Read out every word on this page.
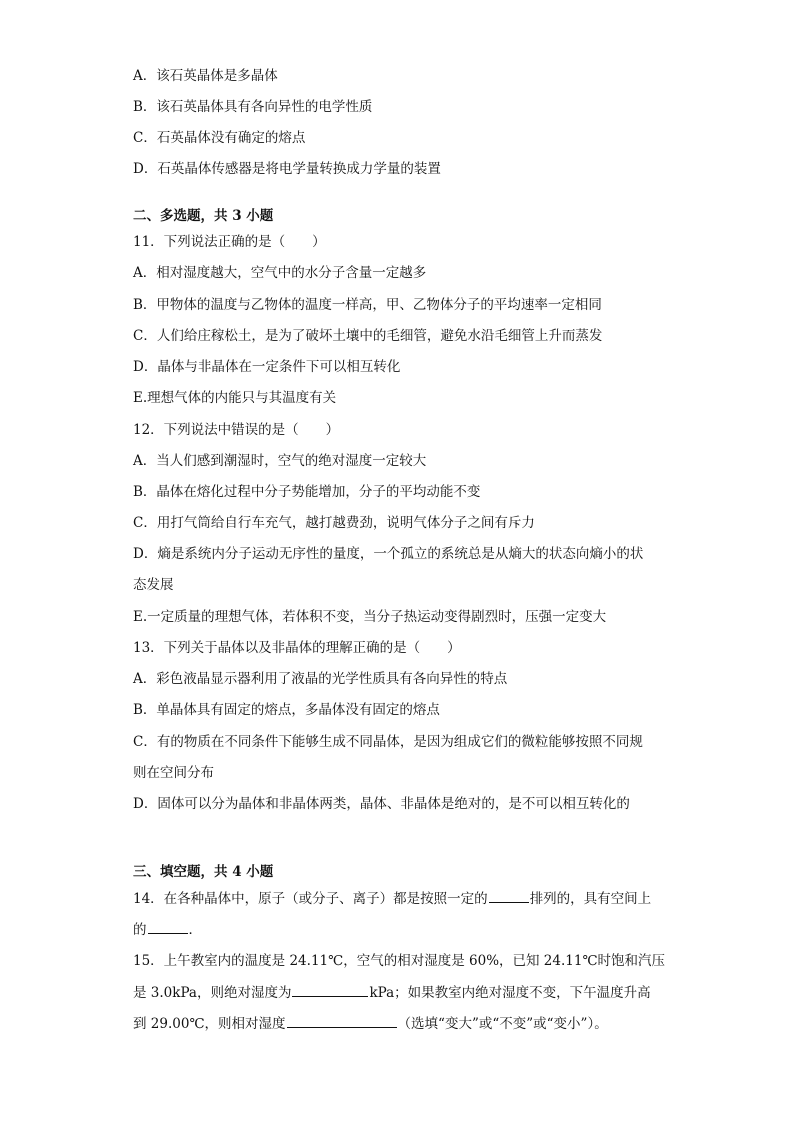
A．该石英晶体是多晶体
B．该石英晶体具有各向异性的电学性质
C．石英晶体没有确定的熔点
D．石英晶体传感器是将电学量转换成力学量的装置
二、多选题，共 3 小题
11．下列说法正确的是（　　）
A．相对湿度越大，空气中的水分子含量一定越多
B．甲物体的温度与乙物体的温度一样高，甲、乙物体分子的平均速率一定相同
C．人们给庄稼松土，是为了破坏土壤中的毛细管，避免水沿毛细管上升而蒸发
D．晶体与非晶体在一定条件下可以相互转化
E.理想气体的内能只与其温度有关
12．下列说法中错误的是（　　）
A．当人们感到潮湿时，空气的绝对湿度一定较大
B．晶体在熔化过程中分子势能增加，分子的平均动能不变
C．用打气筒给自行车充气，越打越费劲，说明气体分子之间有斥力
D．熵是系统内分子运动无序性的量度，一个孤立的系统总是从熵大的状态向熵小的状
态发展
E.一定质量的理想气体，若体积不变，当分子热运动变得剧烈时，压强一定变大
13．下列关于晶体以及非晶体的理解正确的是（　　）
A．彩色液晶显示器利用了液晶的光学性质具有各向异性的特点
B．单晶体具有固定的熔点，多晶体没有固定的熔点
C．有的物质在不同条件下能够生成不同晶体，是因为组成它们的微粒能够按照不同规
则在空间分布
D．固体可以分为晶体和非晶体两类，晶体、非晶体是绝对的，是不可以相互转化的
三、填空题，共 4 小题
14．在各种晶体中，原子（或分子、离子）都是按照一定的	排列的，具有空间上
的	．
15．上午教室内的温度是 24.11℃，空气的相对湿度是 60%，已知 24.11℃时饱和汽压
是 3.0kPa，则绝对湿度为	kPa；如果教室内绝对湿度不变，下午温度升高
到 29.00℃，则相对湿度	（选填“变大”或“不变”或“变小”）。
